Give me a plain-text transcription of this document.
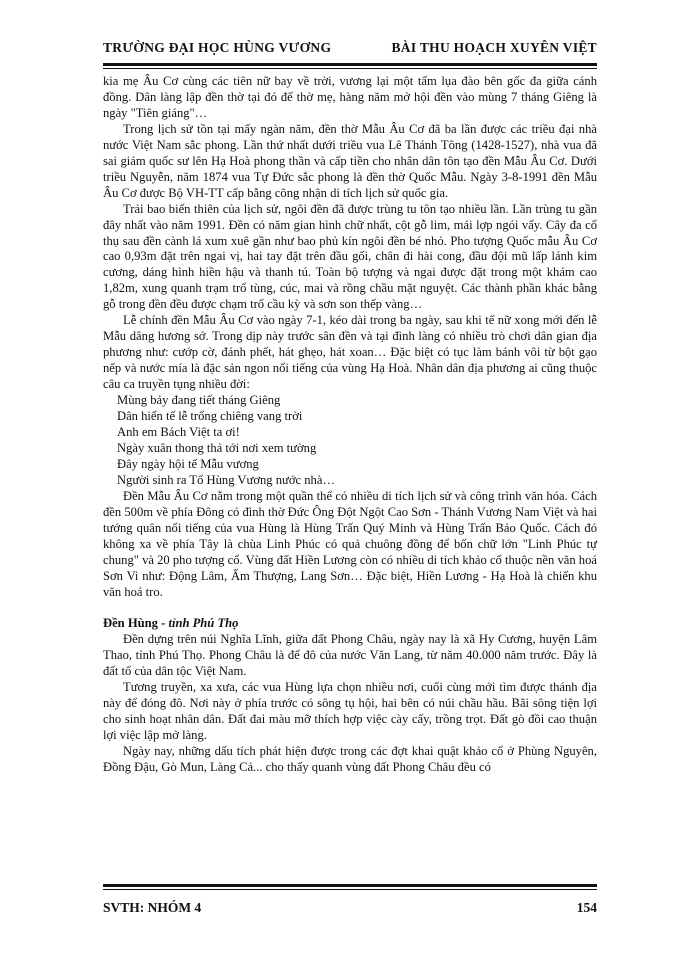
TRƯỜNG ĐẠI HỌC HÙNG VƯƠNG	BÀI THU HOẠCH XUYÊN VIỆT

kia mẹ Âu Cơ cùng các tiên nữ bay về trời, vương lại một tấm lụa đào bên gốc đa giữa cánh đồng. Dân làng lập đền thờ tại đó để thờ mẹ, hàng năm mở hội đền vào mùng 7 tháng Giêng là ngày "Tiên giáng"…

Trong lịch sử tồn tại mấy ngàn năm, đền thờ Mẫu Âu Cơ đã ba lần được các triều đại nhà nước Việt Nam sắc phong. Lần thứ nhất dưới triều vua Lê Thánh Tông (1428-1527), nhà vua đã sai giám quốc sư lên Hạ Hoà phong thần và cấp tiền cho nhân dân tôn tạo đền Mẫu Âu Cơ. Dưới triều Nguyễn, năm 1874 vua Tự Đức sắc phong là đền thờ Quốc Mẫu. Ngày 3-8-1991 đền Mẫu Âu Cơ được Bộ VH-TT cấp bằng công nhận di tích lịch sử quốc gia.

Trải bao biến thiên của lịch sử, ngôi đền đã được trùng tu tôn tạo nhiều lần. Lần trùng tu gần đây nhất vào năm 1991. Đền có năm gian hình chữ nhất, cột gỗ lim, mái lợp ngói vẩy. Cây đa cổ thụ sau đền cành lá xum xuê gần như bao phủ kín ngôi đền bé nhỏ. Pho tượng Quốc mẫu Âu Cơ cao 0,93m đặt trên ngai vị, hai tay đặt trên đầu gối, chân đi hài cong, đầu đội mũ lấp lánh kim cương, dáng hình hiền hậu và thanh tú. Toàn bộ tượng và ngai được đặt trong một khám cao 1,82m, xung quanh trạm trổ tùng, cúc, mai và rồng chầu mặt nguyệt. Các thành phần khác bằng gỗ trong đền đều được chạm trổ cầu kỳ và sơn son thếp vàng…

Lễ chính đền Mẫu Âu Cơ vào ngày 7-1, kéo dài trong ba ngày, sau khi tế nữ xong mới đến lễ Mẫu dâng hương sớ. Trong dịp này trước sân đền và tại đình làng có nhiều trò chơi dân gian địa phương như: cướp cờ, đánh phết, hát ghẹo, hát xoan… Đặc biệt có tục làm bánh vôi từ bột gạo nếp và nước mía là đặc sản ngon nổi tiếng của vùng Hạ Hoà. Nhân dân địa phương ai cũng thuộc câu ca truyền tụng nhiều đời:

Mùng bảy đang tiết tháng Giêng
Dân hiến tế lễ trống chiêng vang trời
Anh em Bách Việt ta ơi!
Ngày xuân thong thả tới nơi xem tường
Đây ngày hội tế Mẫu vương
Người sinh ra Tổ Hùng Vương nước nhà…

Đền Mẫu Âu Cơ nằm trong một quần thể có nhiều di tích lịch sử và công trình văn hóa. Cách đền 500m về phía Đông có đình thờ Đức Ông Đột Ngột Cao Sơn - Thánh Vương Nam Việt và hai tướng quân nổi tiếng của vua Hùng là Hùng Trấn Quý Minh và Hùng Trấn Bảo Quốc. Cách đó không xa về phía Tây là chùa Linh Phúc có quả chuông đồng để bốn chữ lớn "Linh Phúc tự chung" và 20 pho tượng cổ. Vùng đất Hiền Lương còn có nhiều di tích khảo cổ thuộc nền văn hoá Sơn Vi như: Động Lâm, Ấm Thượng, Lang Sơn… Đặc biệt, Hiền Lương - Hạ Hoà là chiến khu văn hoá tro.

Đền Hùng - tỉnh Phú Thọ

Đền dựng trên núi Nghĩa Lĩnh, giữa đất Phong Châu, ngày nay là xã Hy Cương, huyện Lâm Thao, tỉnh Phú Thọ. Phong Châu là đế đô của nước Văn Lang, từ năm 40.000 năm trước. Đây là đất tổ của dân tộc Việt Nam.

Tương truyền, xa xưa, các vua Hùng lựa chọn nhiều nơi, cuối cùng mới tìm được thánh địa này để đóng đô. Nơi này ở phía trước có sông tụ hội, hai bên có núi chầu hầu. Bãi sông tiện lợi cho sinh hoạt nhân dân. Đất đai màu mỡ thích hợp việc cày cấy, trồng trọt. Đất gò đồi cao thuận lợi việc lập mở làng.

Ngày nay, những dấu tích phát hiện được trong các đợt khai quật khảo cổ ở Phùng Nguyên, Đồng Đậu, Gò Mun, Làng Cả... cho thấy quanh vùng đất Phong Châu đều có

SVTH: NHÓM 4	154
